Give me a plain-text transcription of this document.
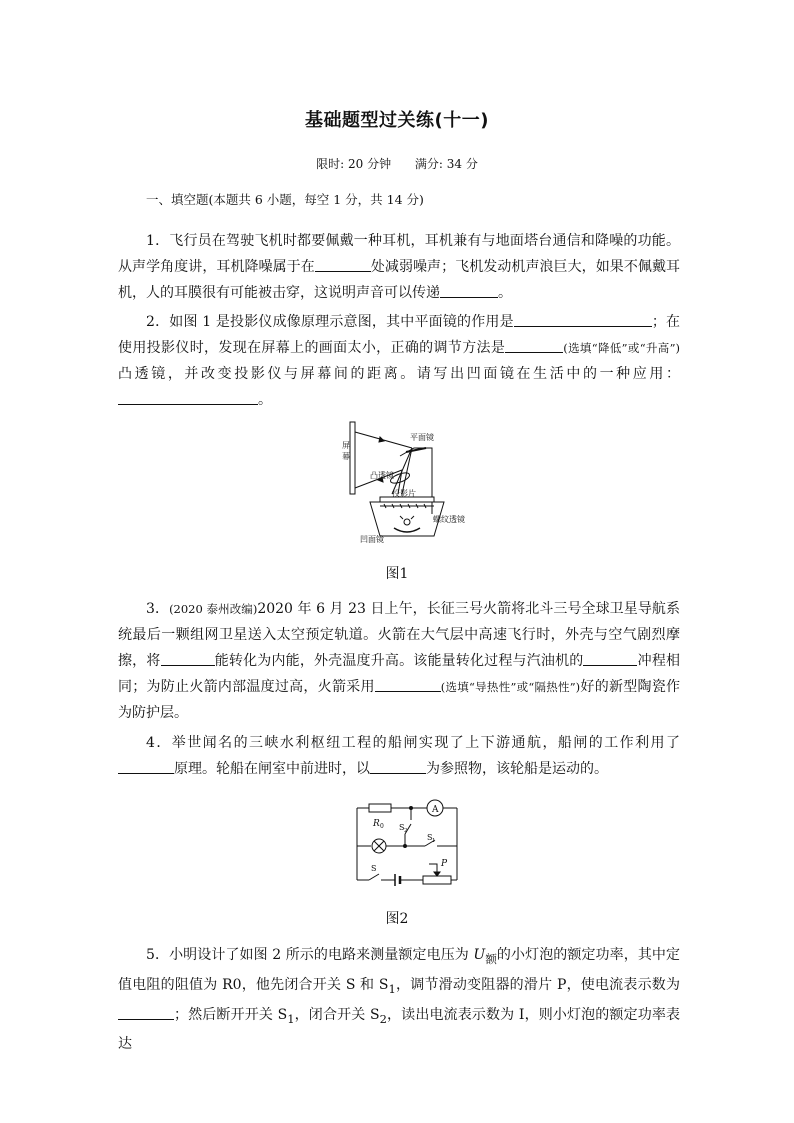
基础题型过关练(十一)
限时: 20 分钟 满分: 34 分
一、填空题(本题共 6 小题，每空 1 分，共 14 分)

1．飞行员在驾驶飞机时都要佩戴一种耳机，耳机兼有与地面塔台通信和降噪的功能。从声学角度讲，耳机降噪属于在	处减弱噪声；飞机发动机声浪巨大，如果不佩戴耳机，人的耳膜很有可能被击穿，这说明声音可以传递	。

2．如图 1 是投影仪成像原理示意图，其中平面镜的作用是	；在使用投影仪时，发现在屏幕上的画面太小，正确的调节方法是	(选填“降低”或“升高”)凸透镜，并改变投影仪与屏幕间的距离。请写出凹面镜在生活中的一种应用：。

屏
幕
平面镜
凸透镜
投影片
螺纹透镜
凹面镜
图1

3．(2020 泰州改编)2020 年 6 月 23 日上午，长征三号火箭将北斗三号全球卫星导航系统最后一颗组网卫星送入太空预定轨道。火箭在大气层中高速飞行时，外壳与空气剧烈摩擦，将	能转化为内能，外壳温度升高。该能量转化过程与汽油机的	冲程相同；为防止火箭内部温度过高，火箭采用	(选填“导热性”或“隔热性”)好的新型陶瓷作为防护层。

4．举世闻名的三峡水利枢纽工程的船闸实现了上下游通航，船闸的工作利用了原理。轮船在闸室中前进时，以	为参照物，该轮船是运动的。

R 0
A
S 2
S 1
S	P
图2

5．小明设计了如图 2 所示的电路来测量额定电压为 $U_额$的小灯泡的额定功率，其中定值电阻的阻值为 R0，他先闭合开关 S 和 $S_1$，调节滑动变阻器的滑片 P，使电流表示数为；然后断开开关 $S_1$，闭合开关 $S_2$，读出电流表示数为 I，则小灯泡的额定功率表达
